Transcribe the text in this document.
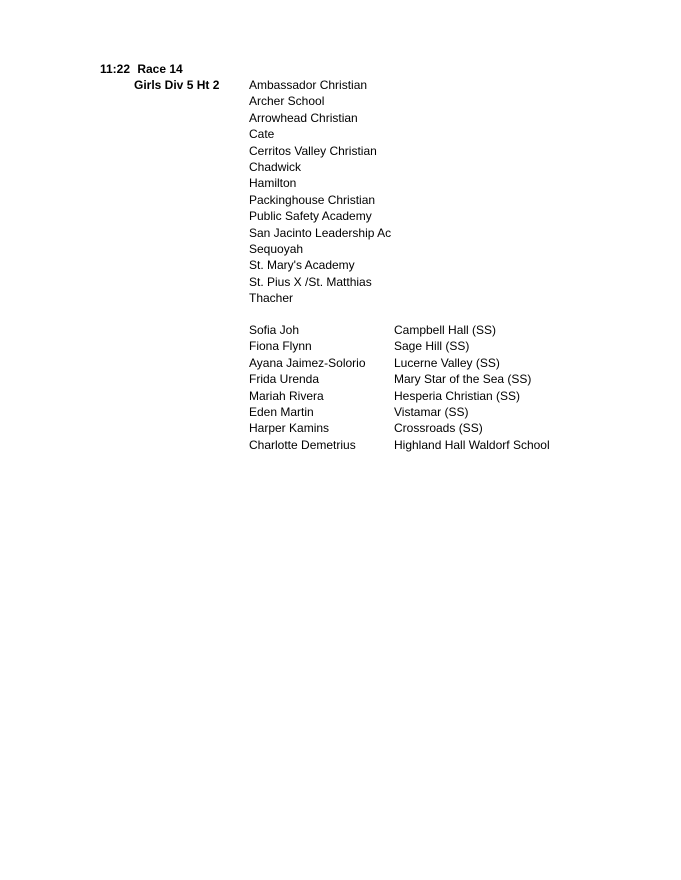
11:22 Race 14
Girls Div 5 Ht 2 Ambassador Christian
Archer School
Arrowhead Christian
Cate
Cerritos Valley Christian
Chadwick
Hamilton
Packinghouse Christian
Public Safety Academy
San Jacinto Leadership Ac
Sequoyah
St. Mary's Academy
St. Pius X /St. Matthias
Thacher
Sofia Joh	Campbell Hall (SS)
Fiona Flynn	Sage Hill (SS)
Ayana Jaimez-Solorio Lucerne Valley (SS)
Frida Urenda	Mary Star of the Sea (SS)
Mariah Rivera	Hesperia Christian (SS)
Eden Martin	Vistamar (SS)
Harper Kamins	Crossroads (SS)
Charlotte Demetrius	Highland Hall Waldorf School
